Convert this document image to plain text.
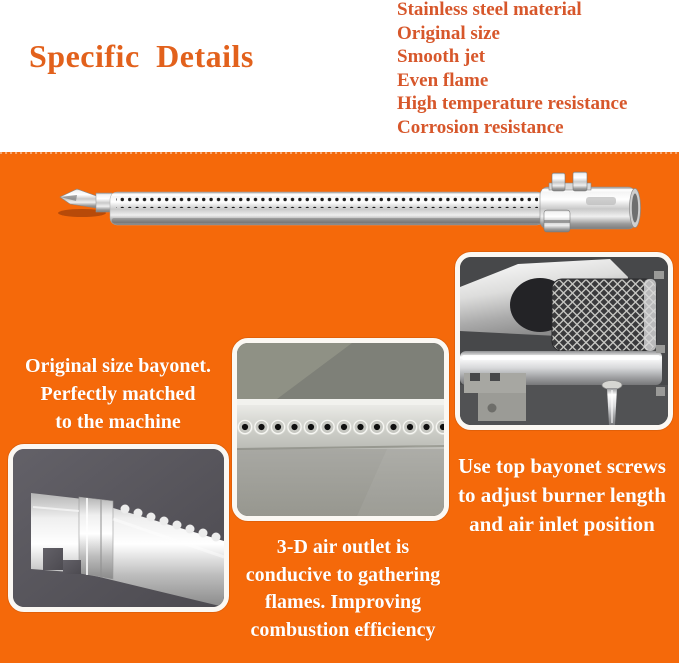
Specific Details
Stainless steel material
Original size
Smooth jet
Even flame
High temperature resistance
Corrosion resistance
Original size bayonet.
Perfectly matched
to the machine
3-D air outlet is
conducive to gathering
flames. Improving
combustion efficiency
Use top bayonet screws
to adjust burner length
and air inlet position
